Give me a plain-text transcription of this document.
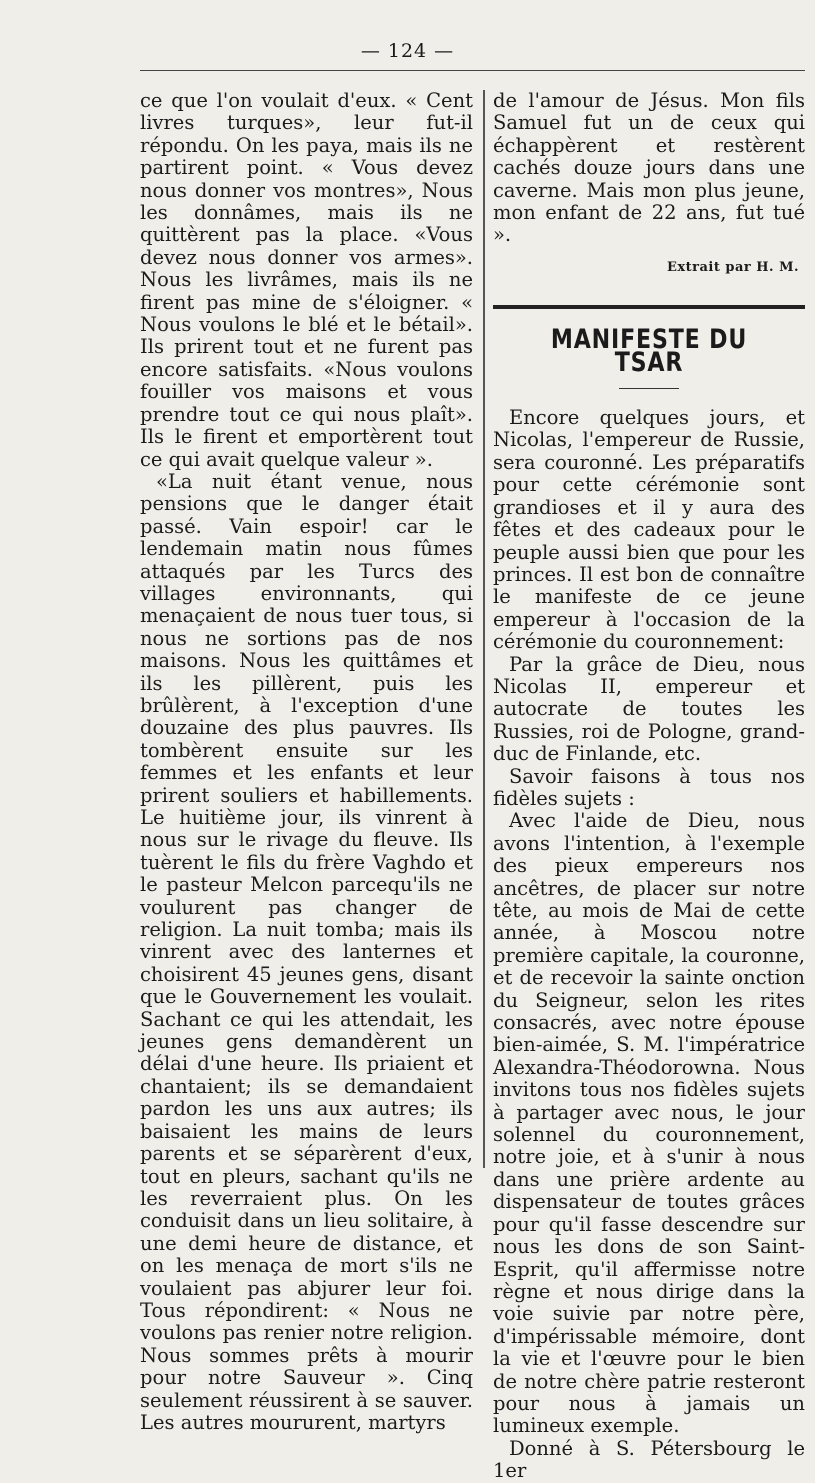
— 124 —

ce que l'on voulait d'eux. « Cent livres turques», leur fut-il répondu. On les paya, mais ils ne partirent point. « Vous devez nous donner vos montres», Nous les donnâmes, mais ils ne quittèrent pas la place. «Vous devez nous donner vos armes». Nous les livrâmes, mais ils ne firent pas mine de s'éloigner. « Nous voulons le blé et le bétail». Ils prirent tout et ne furent pas encore satisfaits. «Nous voulons fouiller vos maisons et vous prendre tout ce qui nous plaît». Ils le firent et emportèrent tout ce qui avait quelque valeur ».

«La nuit étant venue, nous pensions que le danger était passé. Vain espoir! car le lendemain matin nous fûmes attaqués par les Turcs des villages environnants, qui menaçaient de nous tuer tous, si nous ne sortions pas de nos maisons. Nous les quittâmes et ils les pillèrent, puis les brûlèrent, à l'exception d'une douzaine des plus pauvres. Ils tombèrent ensuite sur les femmes et les enfants et leur prirent souliers et habillements. Le huitième jour, ils vinrent à nous sur le rivage du fleuve. Ils tuèrent le fils du frère Vaghdo et le pasteur Melcon parcequ'ils ne voulurent pas changer de religion. La nuit tomba; mais ils vinrent avec des lanternes et choisirent 45 jeunes gens, disant que le Gouvernement les voulait. Sachant ce qui les attendait, les jeunes gens demandèrent un délai d'une heure. Ils priaient et chantaient; ils se demandaient pardon les uns aux autres; ils baisaient les mains de leurs parents et se séparèrent d'eux, tout en pleurs, sachant qu'ils ne les reverraient plus. On les conduisit dans un lieu solitaire, à une demi heure de distance, et on les menaça de mort s'ils ne voulaient pas abjurer leur foi. Tous répondirent: « Nous ne voulons pas renier notre religion. Nous sommes prêts à mourir pour notre Sauveur ». Cinq seulement réussirent à se sauver. Les autres moururent, martyrs

de l'amour de Jésus. Mon fils Samuel fut un de ceux qui échappèrent et restèrent cachés douze jours dans une caverne. Mais mon plus jeune, mon enfant de 22 ans, fut tué ».

Extrait par H. M.

MANIFESTE DU TSAR

Encore quelques jours, et Nicolas, l'empereur de Russie, sera couronné. Les préparatifs pour cette cérémonie sont grandioses et il y aura des fêtes et des cadeaux pour le peuple aussi bien que pour les princes. Il est bon de connaître le manifeste de ce jeune empereur à l'occasion de la cérémonie du couronnement:

Par la grâce de Dieu, nous Nicolas II, empereur et autocrate de toutes les Russies, roi de Pologne, grand-duc de Finlande, etc.

Savoir faisons à tous nos fidèles sujets :

Avec l'aide de Dieu, nous avons l'intention, à l'exemple des pieux empereurs nos ancêtres, de placer sur notre tête, au mois de Mai de cette année, à Moscou notre première capitale, la couronne, et de recevoir la sainte onction du Seigneur, selon les rites consacrés, avec notre épouse bien-aimée, S. M. l'impératrice Alexandra-Théodorowna. Nous invitons tous nos fidèles sujets à partager avec nous, le jour solennel du couronnement, notre joie, et à s'unir à nous dans une prière ardente au dispensateur de toutes grâces pour qu'il fasse descendre sur nous les dons de son Saint-Esprit, qu'il affermisse notre règne et nous dirige dans la voie suivie par notre père, d'impérissable mémoire, dont la vie et l'œuvre pour le bien de notre chère patrie resteront pour nous à jamais un lumineux exemple.

Donné à S. Pétersbourg le 1er
